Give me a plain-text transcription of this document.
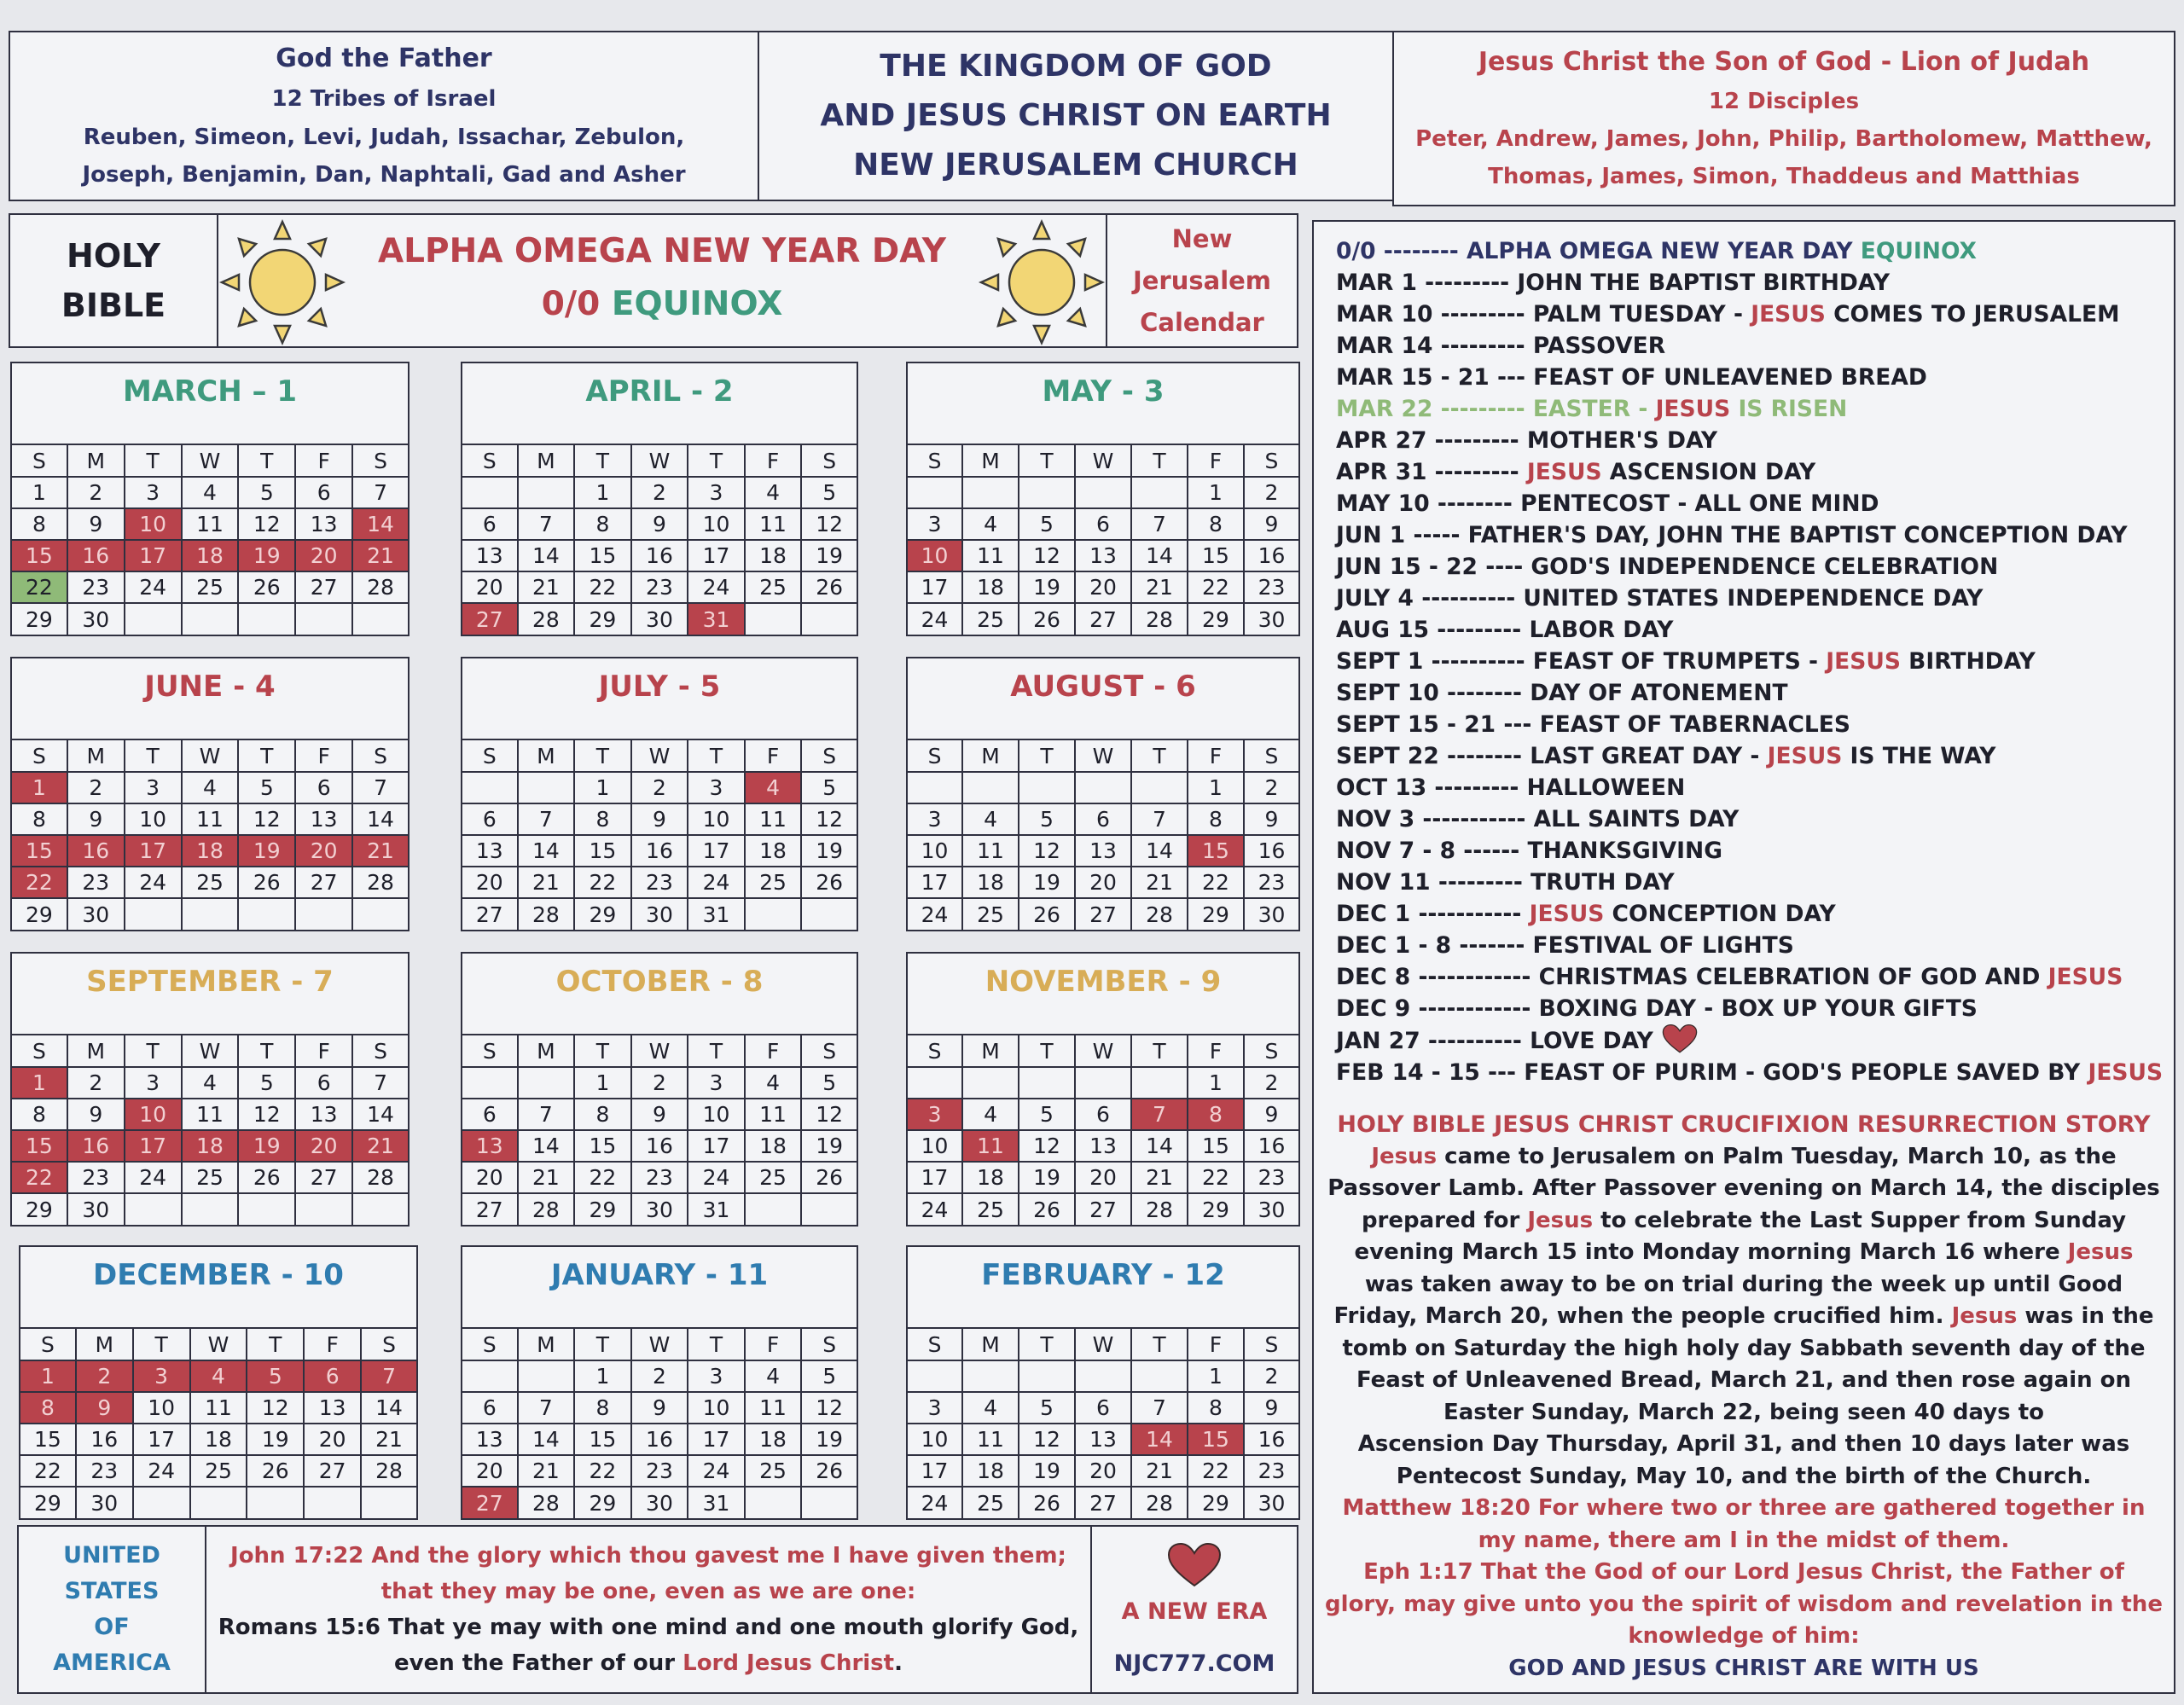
God the Father
12 Tribes of Israel
Reuben, Simeon, Levi, Judah, Issachar, Zebulon,
Joseph, Benjamin, Dan, Naphtali, Gad and Asher
THE KINGDOM OF GOD
AND JESUS CHRIST ON EARTH
NEW JERUSALEM CHURCH
Jesus Christ the Son of God - Lion of Judah
12 Disciples
Peter, Andrew, James, John, Philip, Bartholomew, Matthew,
Thomas, James, Simon, Thaddeus and Matthias
HOLY
BIBLE
ALPHA OMEGA NEW YEAR DAY
0/0 EQUINOX
New
Jerusalem
Calendar
MARCH – 1
S	M	T	W	T	F	S
1	2	3	4	5	6	7
8	9	10	11	12	13	14
15	16	17	18	19	20	21
22	23	24	25	26	27	28
29	30					
APRIL - 2
S	M	T	W	T	F	S
		1	2	3	4	5
6	7	8	9	10	11	12
13	14	15	16	17	18	19
20	21	22	23	24	25	26
27	28	29	30	31		
MAY - 3
S	M	T	W	T	F	S
					1	2
3	4	5	6	7	8	9
10	11	12	13	14	15	16
17	18	19	20	21	22	23
24	25	26	27	28	29	30
JUNE - 4
S	M	T	W	T	F	S
1	2	3	4	5	6	7
8	9	10	11	12	13	14
15	16	17	18	19	20	21
22	23	24	25	26	27	28
29	30					
JULY - 5
S	M	T	W	T	F	S
		1	2	3	4	5
6	7	8	9	10	11	12
13	14	15	16	17	18	19
20	21	22	23	24	25	26
27	28	29	30	31		
AUGUST - 6
S	M	T	W	T	F	S
					1	2
3	4	5	6	7	8	9
10	11	12	13	14	15	16
17	18	19	20	21	22	23
24	25	26	27	28	29	30
SEPTEMBER - 7
S	M	T	W	T	F	S
1	2	3	4	5	6	7
8	9	10	11	12	13	14
15	16	17	18	19	20	21
22	23	24	25	26	27	28
29	30					
OCTOBER - 8
S	M	T	W	T	F	S
		1	2	3	4	5
6	7	8	9	10	11	12
13	14	15	16	17	18	19
20	21	22	23	24	25	26
27	28	29	30	31		
NOVEMBER - 9
S	M	T	W	T	F	S
					1	2
3	4	5	6	7	8	9
10	11	12	13	14	15	16
17	18	19	20	21	22	23
24	25	26	27	28	29	30
DECEMBER - 10
S	M	T	W	T	F	S
1	2	3	4	5	6	7
8	9	10	11	12	13	14
15	16	17	18	19	20	21
22	23	24	25	26	27	28
29	30					
JANUARY - 11
S	M	T	W	T	F	S
		1	2	3	4	5
6	7	8	9	10	11	12
13	14	15	16	17	18	19
20	21	22	23	24	25	26
27	28	29	30	31		
FEBRUARY - 12
S	M	T	W	T	F	S
					1	2
3	4	5	6	7	8	9
10	11	12	13	14	15	16
17	18	19	20	21	22	23
24	25	26	27	28	29	30
0/0 -------- ALPHA OMEGA NEW YEAR DAY EQUINOX
MAR 1 --------- JOHN THE BAPTIST BIRTHDAY
MAR 10 --------- PALM TUESDAY - JESUS COMES TO JERUSALEM
MAR 14 --------- PASSOVER
MAR 15 - 21 --- FEAST OF UNLEAVENED BREAD
MAR 22 --------- EASTER - JESUS IS RISEN
APR 27 --------- MOTHER'S DAY
APR 31 --------- JESUS ASCENSION DAY
MAY 10 -------- PENTECOST - ALL ONE MIND
JUN 1 ----- FATHER'S DAY, JOHN THE BAPTIST CONCEPTION DAY
JUN 15 - 22 ---- GOD'S INDEPENDENCE CELEBRATION
JULY 4 ---------- UNITED STATES INDEPENDENCE DAY
AUG 15 --------- LABOR DAY
SEPT 1 ---------- FEAST OF TRUMPETS - JESUS BIRTHDAY
SEPT 10 -------- DAY OF ATONEMENT
SEPT 15 - 21 --- FEAST OF TABERNACLES
SEPT 22 -------- LAST GREAT DAY - JESUS IS THE WAY
OCT 13 --------- HALLOWEEN
NOV 3 ----------- ALL SAINTS DAY
NOV 7 - 8 ------ THANKSGIVING
NOV 11 --------- TRUTH DAY
DEC 1 ----------- JESUS CONCEPTION DAY
DEC 1 - 8 ------- FESTIVAL OF LIGHTS
DEC 8 ------------ CHRISTMAS CELEBRATION OF GOD AND JESUS
DEC 9 ------------ BOXING DAY - BOX UP YOUR GIFTS
JAN 27 ---------- LOVE DAY
FEB 14 - 15 --- FEAST OF PURIM - GOD'S PEOPLE SAVED BY JESUS
HOLY BIBLE JESUS CHRIST CRUCIFIXION RESURRECTION STORY
Jesus came to Jerusalem on Palm Tuesday, March 10, as the
Passover Lamb. After Passover evening on March 14, the disciples
prepared for Jesus to celebrate the Last Supper from Sunday
evening March 15 into Monday morning March 16 where Jesus
was taken away to be on trial during the week up until Good
Friday, March 20, when the people crucified him. Jesus was in the
tomb on Saturday the high holy day Sabbath seventh day of the
Feast of Unleavened Bread, March 21, and then rose again on
Easter Sunday, March 22, being seen 40 days to
Ascension Day Thursday, April 31, and then 10 days later was
Pentecost Sunday, May 10, and the birth of the Church.
Matthew 18:20 For where two or three are gathered together in
my name, there am I in the midst of them.
Eph 1:17 That the God of our Lord Jesus Christ, the Father of
glory, may give unto you the spirit of wisdom and revelation in the
knowledge of him:
GOD AND JESUS CHRIST ARE WITH US
UNITED
STATES
OF
AMERICA
John 17:22 And the glory which thou gavest me I have given them;
that they may be one, even as we are one:
Romans 15:6 That ye may with one mind and one mouth glorify God,
even the Father of our Lord Jesus Christ.
A NEW ERA
NJC777.COM
